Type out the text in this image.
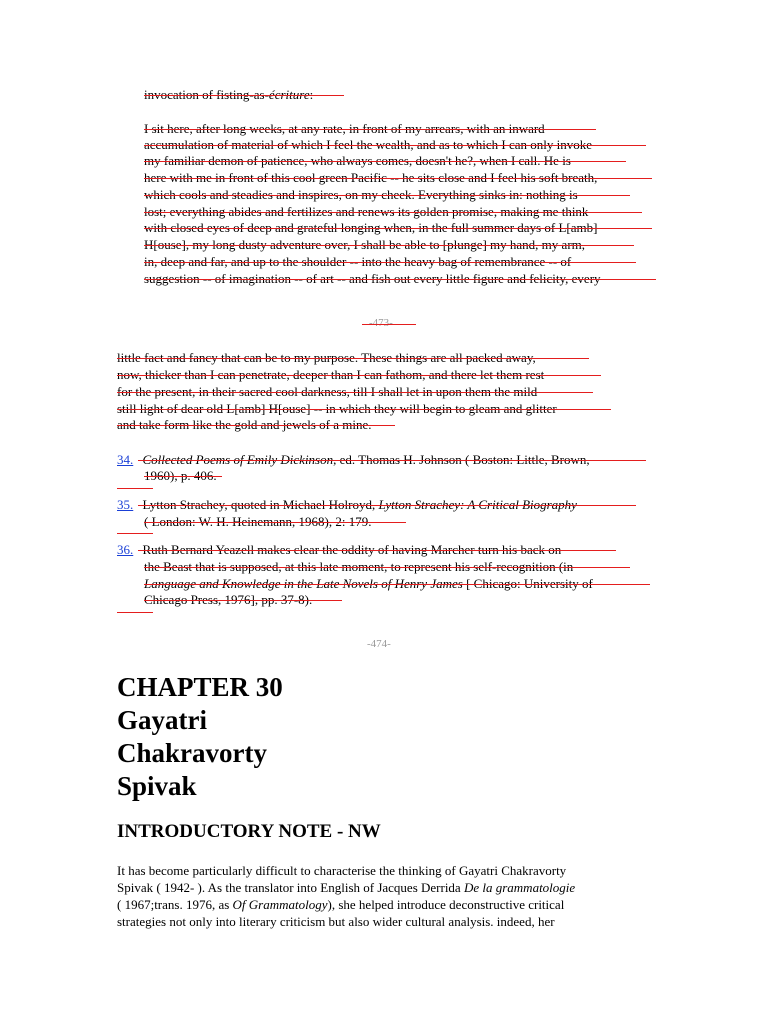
invocation of fisting-as-écriture:
I sit here, after long weeks, at any rate, in front of my arrears, with an inward
accumulation of material of which I feel the wealth, and as to which I can only invoke
my familiar demon of patience, who always comes, doesn't he?, when I call. He is
here with me in front of this cool green Pacific -- he sits close and I feel his soft breath,
which cools and steadies and inspires, on my cheek. Everything sinks in: nothing is
lost; everything abides and fertilizes and renews its golden promise, making me think
with closed eyes of deep and grateful longing when, in the full summer days of L[amb]
H[ouse], my long dusty adventure over, I shall be able to [plunge] my hand, my arm,
in, deep and far, and up to the shoulder -- into the heavy bag of remembrance -- of
suggestion -- of imagination -- of art -- and fish out every little figure and felicity, every
-473-
little fact and fancy that can be to my purpose. These things are all packed away,
now, thicker than I can penetrate, deeper than I can fathom, and there let them rest
for the present, in their sacred cool darkness, till I shall let in upon them the mild
still light of dear old L[amb] H[ouse] -- in which they will begin to gleam and glitter
and take form like the gold and jewels of a mine.
34. Collected Poems of Emily Dickinson, ed. Thomas H. Johnson ( Boston: Little, Brown,
1960), p. 406.
35. Lytton Strachey, quoted in Michael Holroyd, Lytton Strachey: A Critical Biography
( London: W. H. Heinemann, 1968), 2: 179.
36. Ruth Bernard Yeazell makes clear the oddity of having Marcher turn his back on
the Beast that is supposed, at this late moment, to represent his self-recognition (in
Language and Knowledge in the Late Novels of Henry James [ Chicago: University of
Chicago Press, 1976], pp. 37-8).
-474-
CHAPTER 30
Gayatri
Chakravorty
Spivak
INTRODUCTORY NOTE - NW
It has become particularly difficult to characterise the thinking of Gayatri Chakravorty
Spivak ( 1942- ). As the translator into English of Jacques Derrida De la grammatologie
( 1967;trans. 1976, as Of Grammatology), she helped introduce deconstructive critical
strategies not only into literary criticism but also wider cultural analysis. indeed, her
